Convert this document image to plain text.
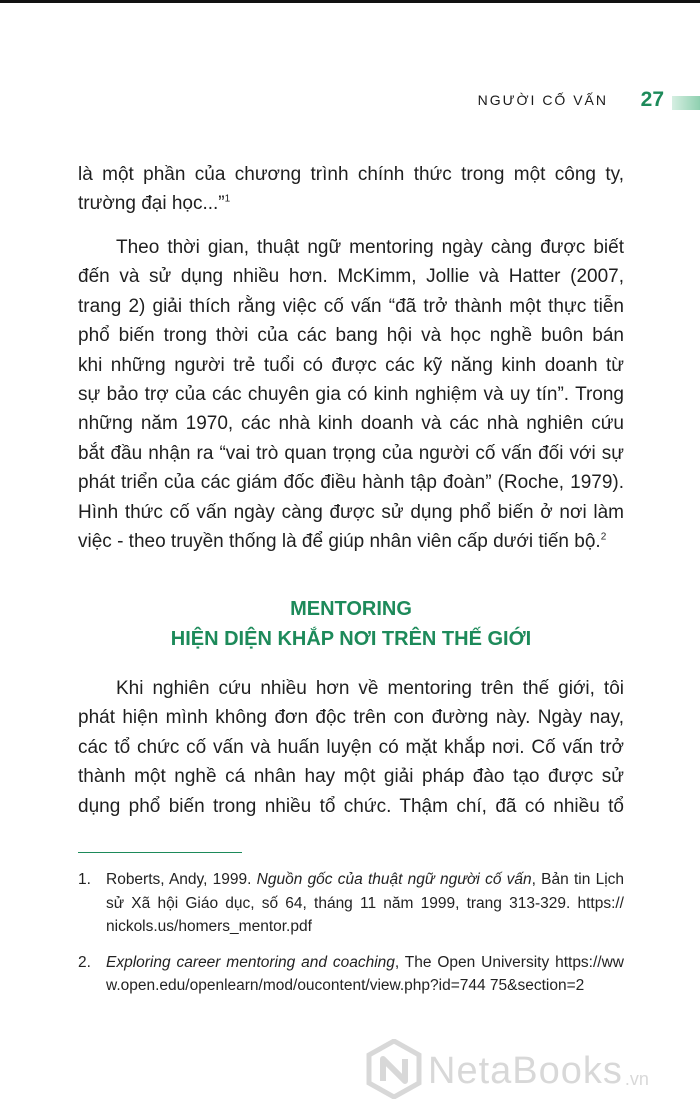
NGƯỜI CỐ VẤN 27
là một phần của chương trình chính thức trong một công ty,
trường đại học...”$^1$
Theo thời gian, thuật ngữ mentoring ngày càng được biết
đến và sử dụng nhiều hơn. McKimm, Jollie và Hatter (2007,
trang 2) giải thích rằng việc cố vấn “đã trở thành một thực tiễn
phổ biến trong thời của các bang hội và học nghề buôn bán
khi những người trẻ tuổi có được các kỹ năng kinh doanh từ
sự bảo trợ của các chuyên gia có kinh nghiệm và uy tín”. Trong
những năm 1970, các nhà kinh doanh và các nhà nghiên cứu
bắt đầu nhận ra “vai trò quan trọng của người cố vấn đối với sự
phát triển của các giám đốc điều hành tập đoàn” (Roche, 1979).
Hình thức cố vấn ngày càng được sử dụng phổ biến ở nơi làm
việc - theo truyền thống là để giúp nhân viên cấp dưới tiến bộ.$^2$
MENTORING
HIỆN DIỆN KHẮP NƠI TRÊN THẾ GIỚI
Khi nghiên cứu nhiều hơn về mentoring trên thế giới, tôi
phát hiện mình không đơn độc trên con đường này. Ngày nay,
các tổ chức cố vấn và huấn luyện có mặt khắp nơi. Cố vấn trở
thành một nghề cá nhân hay một giải pháp đào tạo được sử
dụng phổ biến trong nhiều tổ chức. Thậm chí, đã có nhiều tổ
1. Roberts, Andy, 1999. Nguồn gốc của thuật ngữ người cố vấn, Bản tin Lịch sử Xã hội Giáo dục, số 64, tháng 11 năm 1999, trang 313-329. https:// nickols.us/homers_mentor.pdf
2. Exploring career mentoring and coaching, The Open University https://www.open.edu/openlearn/mod/oucontent/view.php?id=744 75&section=2
NetaBooks .vn
